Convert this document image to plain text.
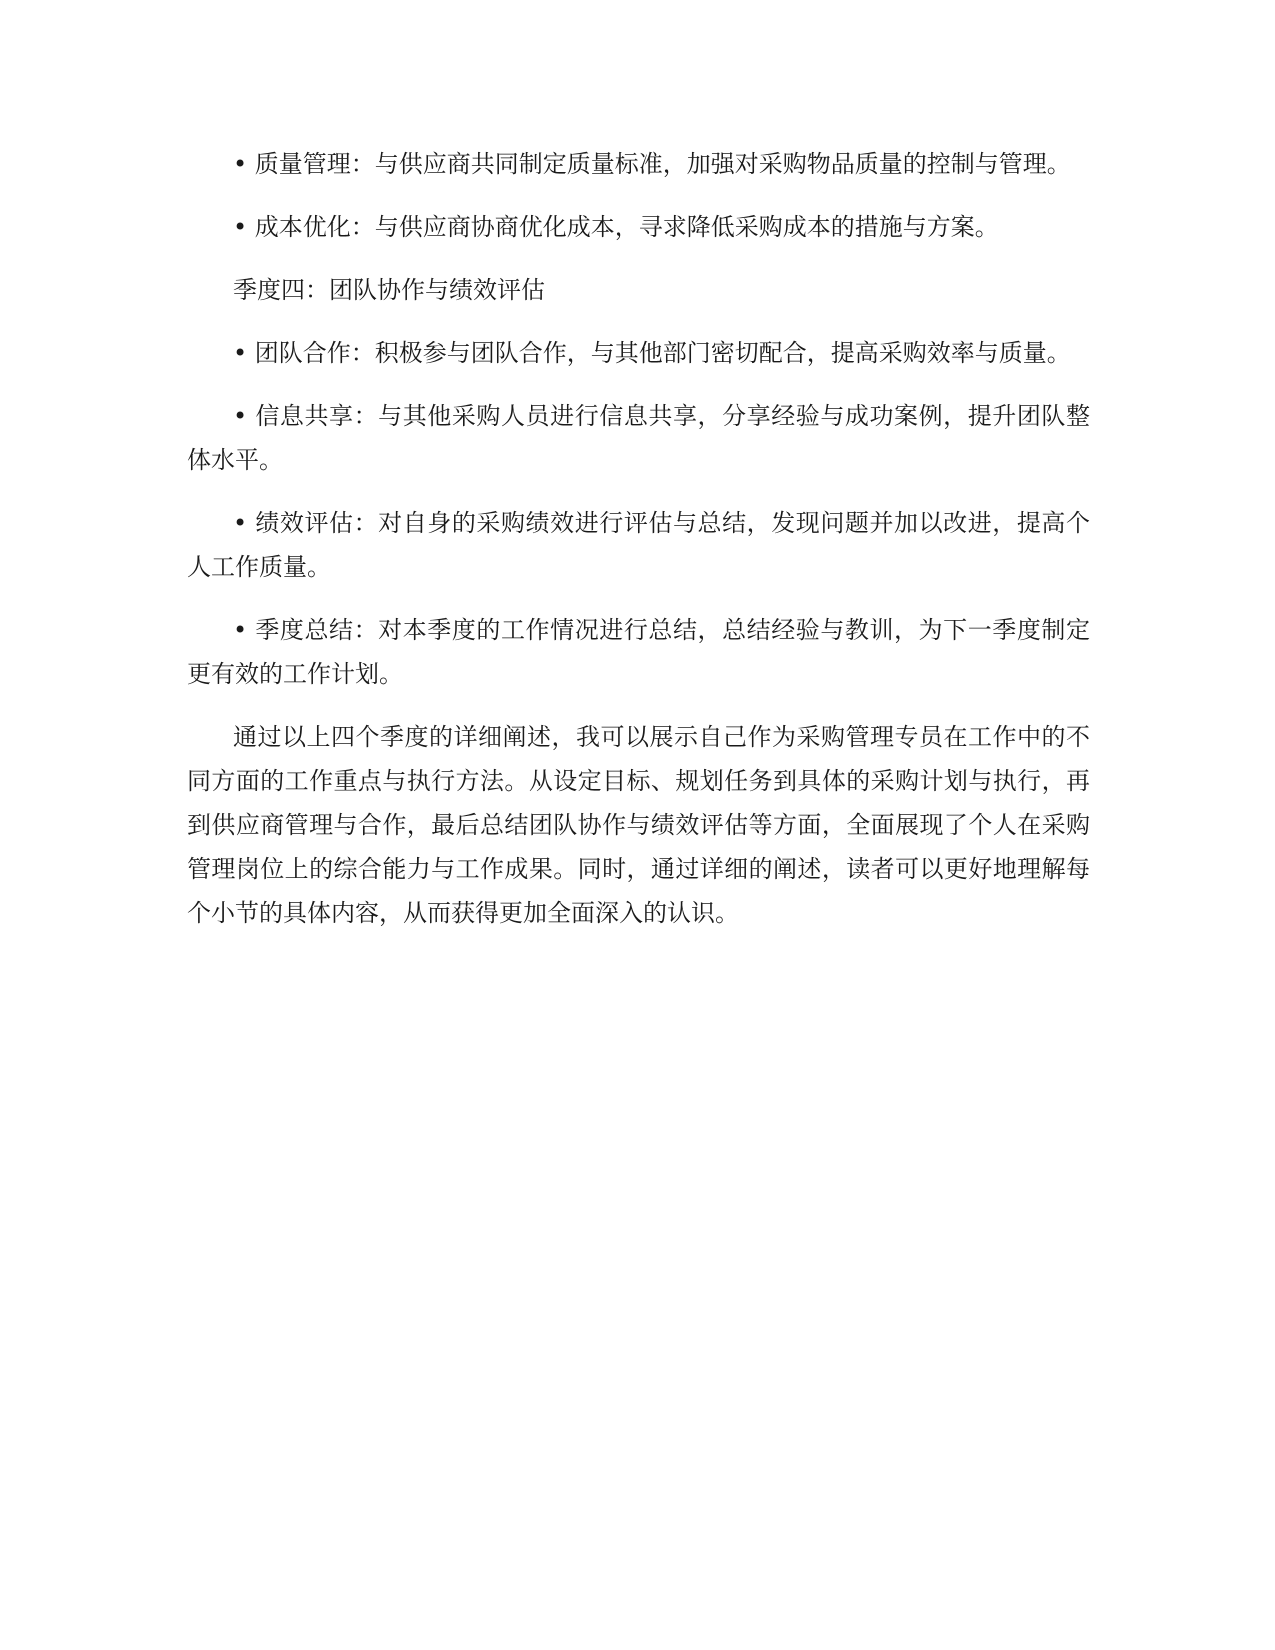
• 质量管理：与供应商共同制定质量标准，加强对采购物品质量的控制与管理。

• 成本优化：与供应商协商优化成本，寻求降低采购成本的措施与方案。

季度四：团队协作与绩效评估

• 团队合作：积极参与团队合作，与其他部门密切配合，提高采购效率与质量。

• 信息共享：与其他采购人员进行信息共享，分享经验与成功案例，提升团队整体水平。

• 绩效评估：对自身的采购绩效进行评估与总结，发现问题并加以改进，提高个人工作质量。

• 季度总结：对本季度的工作情况进行总结，总结经验与教训，为下一季度制定更有效的工作计划。

通过以上四个季度的详细阐述，我可以展示自己作为采购管理专员在工作中的不同方面的工作重点与执行方法。从设定目标、规划任务到具体的采购计划与执行，再到供应商管理与合作，最后总结团队协作与绩效评估等方面，全面展现了个人在采购管理岗位上的综合能力与工作成果。同时，通过详细的阐述，读者可以更好地理解每个小节的具体内容，从而获得更加全面深入的认识。
